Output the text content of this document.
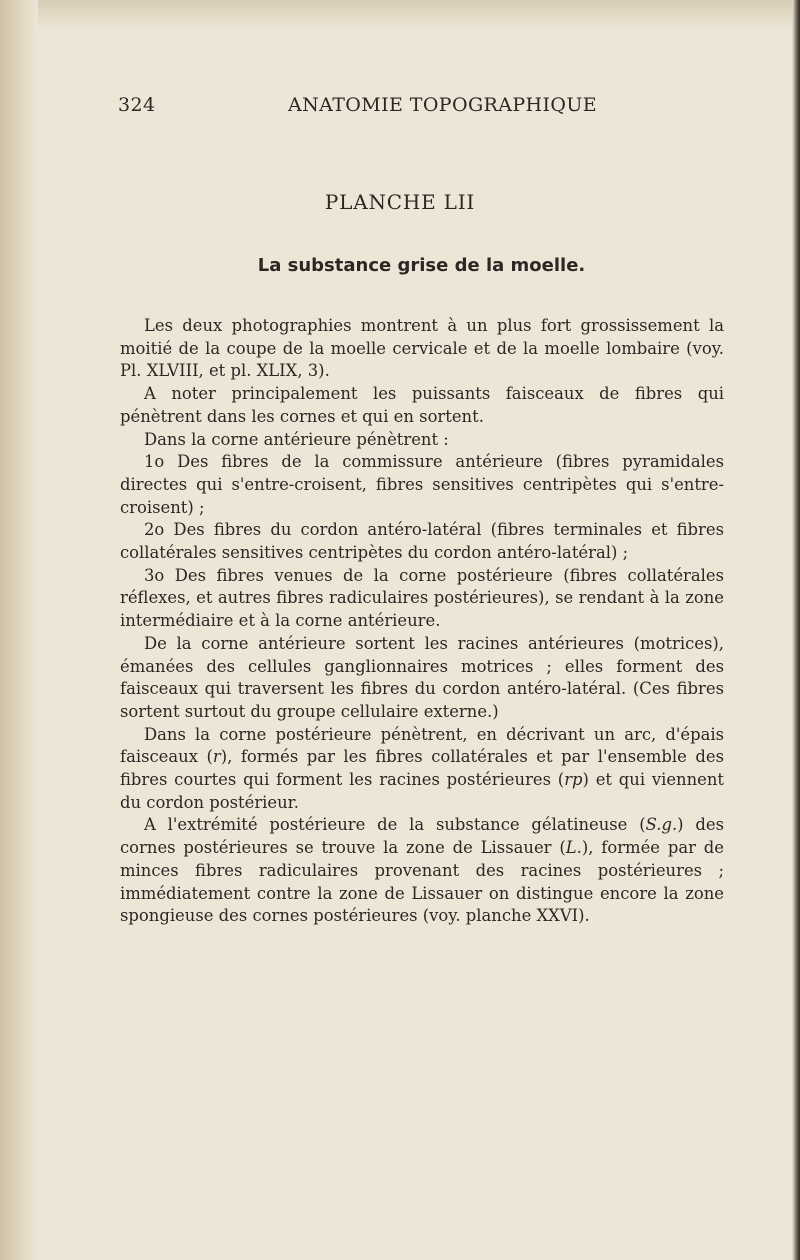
324	ANATOMIE TOPOGRAPHIQUE
PLANCHE LII
La substance grise de la moelle.

Les deux photographies montrent à un plus fort grossissement la moitié de la coupe de la moelle cervicale et de la moelle lombaire (voy. Pl. XLVIII, et pl. XLIX, 3).

A noter principalement les puissants faisceaux de fibres qui pénètrent dans les cornes et qui en sortent.

Dans la corne antérieure pénètrent :

1o Des fibres de la commissure antérieure (fibres pyramidales directes qui s'entre-croisent, fibres sensitives centripètes qui s'entre-croisent) ;

2o Des fibres du cordon antéro-latéral (fibres terminales et fibres collatérales sensitives centripètes du cordon antéro-latéral) ;

3o Des fibres venues de la corne postérieure (fibres collatérales réflexes, et autres fibres radiculaires postérieures), se rendant à la zone intermédiaire et à la corne antérieure.

De la corne antérieure sortent les racines antérieures (motrices), émanées des cellules ganglionnaires motrices ; elles forment des faisceaux qui traversent les fibres du cordon antéro-latéral. (Ces fibres sortent surtout du groupe cellulaire externe.)

Dans la corne postérieure pénètrent, en décrivant un arc, d'épais faisceaux (r), formés par les fibres collatérales et par l'ensemble des fibres courtes qui forment les racines postérieures (rp) et qui viennent du cordon postérieur.

A l'extrémité postérieure de la substance gélatineuse (S.g.) des cornes postérieures se trouve la zone de Lissauer (L.), formée par de minces fibres radiculaires provenant des racines postérieures ; immédiatement contre la zone de Lissauer on distingue encore la zone spongieuse des cornes postérieures (voy. planche XXVI).
